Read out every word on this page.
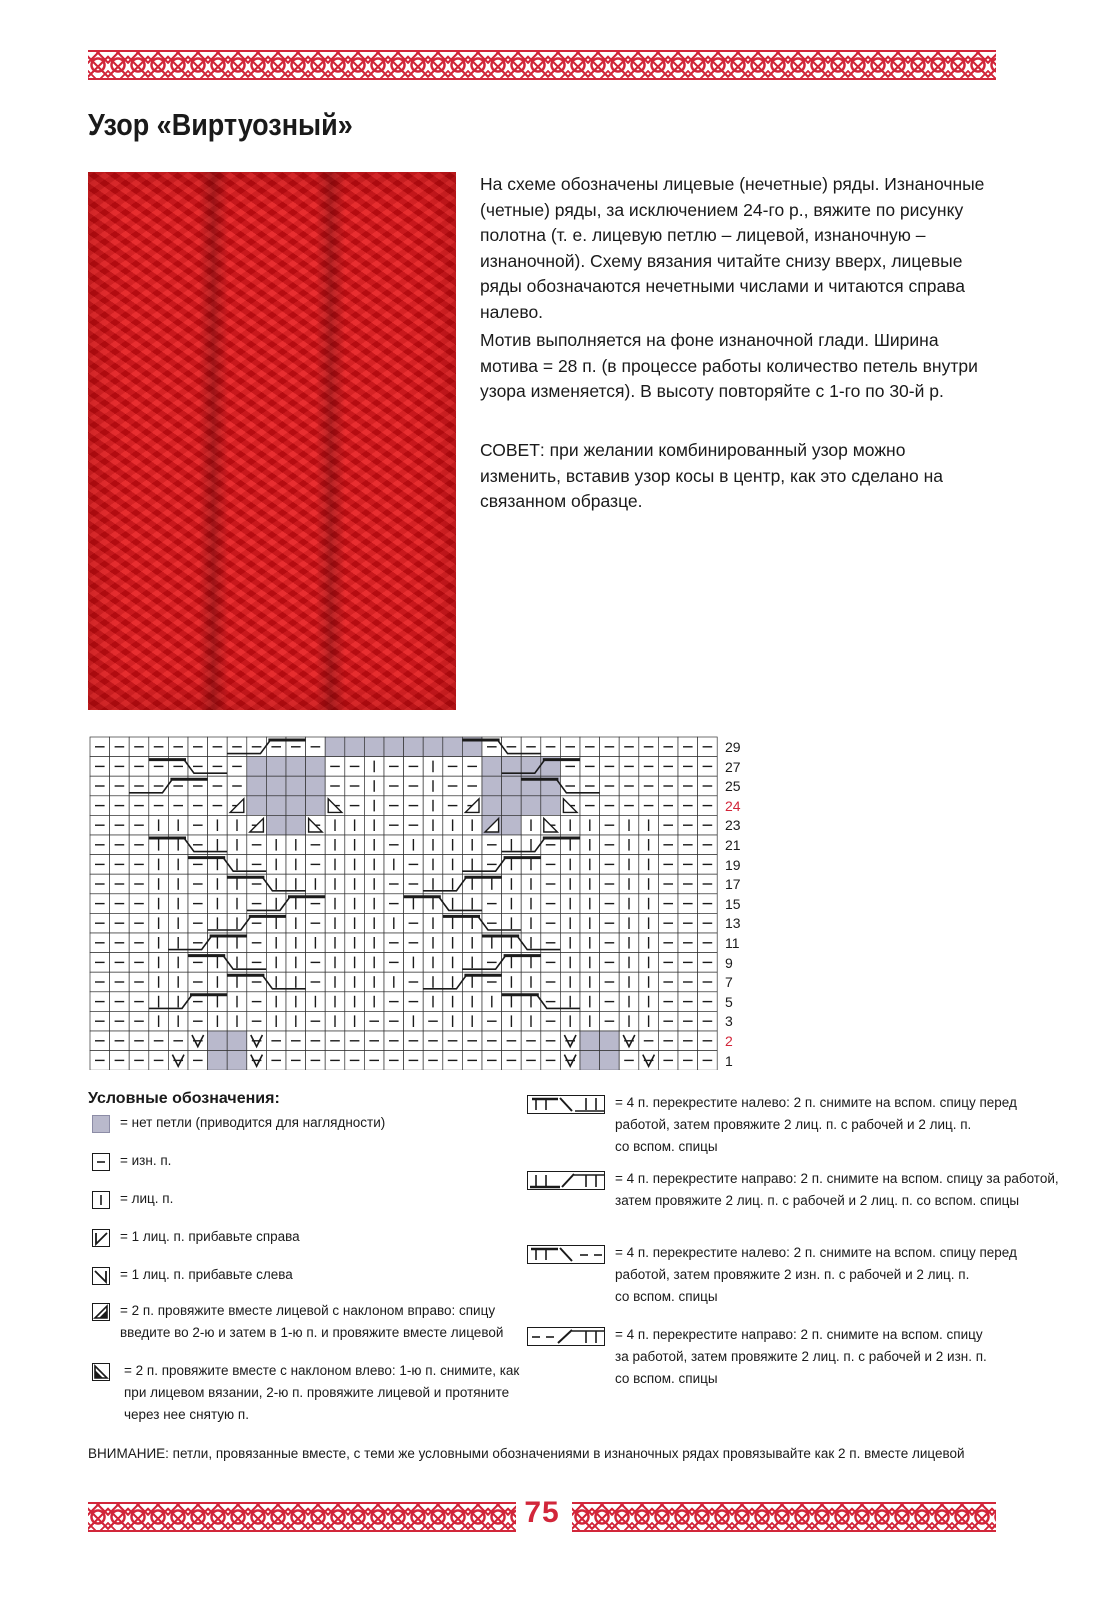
Узор «Виртуозный»

На схеме обозначены лицевые (нечетные) ряды. Изнаночные (четные) ряды, за исключением 24-го р., вяжите по рисунку полотна (т. е. лицевую петлю – лицевой, изнаночную – изнаночной). Схему вязания читайте снизу вверх, лицевые ряды обозначаются нечетными числами и читаются справа налево.

Мотив выполняется на фоне изнаночной глади. Ширина мотива = 28 п. (в процессе работы количество петель внутри узора изменяется). В высоту повторяйте с 1-го по 30-й р.

СОВЕТ: при желании комбинированный узор можно изменить, вставив узор косы в центр, как это сделано на связанном образце.

29
27
25
24
23
21
19
17
15
13
11
9
7
5
3
2
1
Условные обозначения:
= нет петли (приводится для наглядности)
= изн. п.
= лиц. п.
= 1 лиц. п. прибавьте справа
= 1 лиц. п. прибавьте слева
= 2 п. провяжите вместе лицевой с наклоном вправо: спицу
введите во 2-ю и затем в 1-ю п. и провяжите вместе лицевой
= 2 п. провяжите вместе с наклоном влево: 1-ю п. снимите, как
при лицевом вязании, 2-ю п. провяжите лицевой и протяните
через нее снятую п.
= 4 п. перекрестите налево: 2 п. снимите на вспом. спицу перед
работой, затем провяжите 2 лиц. п. с рабочей и 2 лиц. п.
со вспом. спицы
= 4 п. перекрестите направо: 2 п. снимите на вспом. спицу за работой,
затем провяжите 2 лиц. п. с рабочей и 2 лиц. п. со вспом. спицы
= 4 п. перекрестите налево: 2 п. снимите на вспом. спицу перед
работой, затем провяжите 2 изн. п. с рабочей и 2 лиц. п.
со вспом. спицы
= 4 п. перекрестите направо: 2 п. снимите на вспом. спицу
за работой, затем провяжите 2 лиц. п. с рабочей и 2 изн. п.
со вспом. спицы
ВНИМАНИЕ: петли, провязанные вместе, с теми же условными обозначениями в изнаночных рядах провязывайте как 2 п. вместе лицевой
75
